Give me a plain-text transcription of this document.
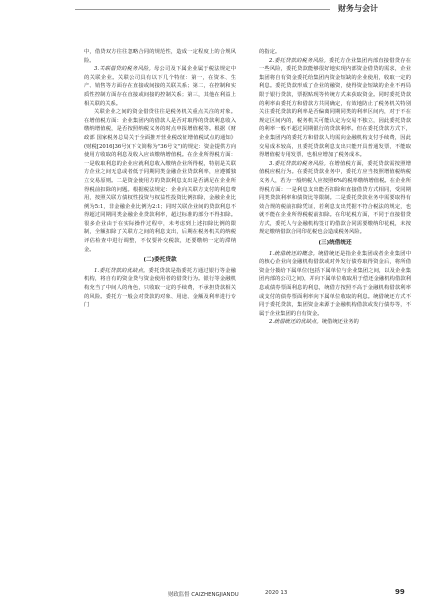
财务与会计

中，借贷双方往往忽略合同的规范性，造成一定程度上的合规风险。

3.关联借贷的税务风险。母公司及下属企业属于税法规定中的关联企业。关联公司具有以下几个特征：第一，在资本、生产、销售等方面存在直接或间接的关联关系；第二，在控制和实质性控制方面存在直接或间接的控制关系；第三，其他在利益上相关联的关系。

关联企业之间的资金借贷往往是税务机关重点关注的对象。在增值税方面：企业集团内的借款人是否对取得的贷款利息收入缴纳增值税，是否按照纳税义务的时点申报增值税等。根据《财政部 国家税务总局关于全面推开营业税改征增值税试点的通知》(财税[2016]36号)(下文简称为"36号文")的规定：资金提供方向使用方收取的利息及收入应该缴纳增值税。在企业所得税方面：一是收取利息的企业应就利息收入缴纳企业所得税，特别是关联方企业之间无息或者低于同期同类金融企业贷款利率，应遵循独立交易原则。二是资金使用方的贷款利息支出是否满足在企业所得税前扣除的问题。根据税法规定：企业向关联方支付的利息费用，按照关联方债权性投资与权益性投资比例扣除，金融企业比例为5:1，非金融企业比例为2:1；同时关联企业间的贷款利息不得超过同期同类金融企业贷款利率，超过标准的部分不得扣除。很多企业由于在实际操作过程中，未考虑到上述扣除比例的限制，全额扣除了关联方之间的利息支出，后期在税务机关的纳税评估检查中进行调整，不仅要补交税款，还要缴纳一定的滞纳金。

(二)委托贷款

1.委托贷款的优缺点。委托贷款是指委托方通过银行等金融机构，将自有的资金贷与资金使用者的借贷行为。银行等金融机构充当了中间人的角色，只收取一定的手续费，不承担贷款相关的风险。委托方一般会对贷款的对象、用途、金额及利率进行专门

的指定。

2.委托贷款的税务风险。委托方企业集团内部直接借贷存在一些风险，委托贷款能够很好地实现内部资金借贷的需求，企业集团将自有资金委托给集团内资金短缺的企业使用，收取一定的利息。委托贷款形成了企业的融资，使得资金短缺的企业不再局限于银行贷款，票据贴现等传统方式来获取资金。同时委托贷款的利率由委托方和借款方共同确定，有效地防止了税务机关特别关注委托贷款的利率是否偏离同期同类的利率区间内，对于不在规定区间内的，税务机关可能认定为交易不独立，因此委托贷款的利率一般不超过同期银行的贷款利率。但在委托贷款方式下，企业集团内的委托方和借款人均需向金融机构支付手续费，因此交易成本较高，且委托贷款利息支出只能开具普通发票，不能取得增值税专用发票，也相应增加了税务成本。

3.委托贷款的税务风险。在增值税方面，委托贷款需按照增值税应税行为。在委托贷款业务中，委托方应当按照增值税纳税义务人，若为一般纳税人应按照6%的税率缴纳增值税。在企业所得税方面：一是利息支出能否扣除和直接借贷方式相同，受同期同类贷款利率和债资比等限制。二是委托贷款业务中需要取得有效合规的税前扣除凭证，若利息支出凭据不符合税法的规定，也就不能在企业所得税税前扣除。在印花税方面，不同于直接借贷方式，委托人与金融机构签订的借款合同需要缴纳印花税，未按规定缴纳借款合同印花税也会造成税务风险。

(三)统借统还

1.统借统还的概念。统借统还是指企业集团或者企业集团中的核心企业向金融机构借款或对外发行债券取得资金后，将所借资金分拨给下属单位(包括下属单位与企业集团之间，以及企业集团内部的公司之间)，并向下属单位收取用于偿还金融机构借款利息或债券票面利息的利息，统借方按照不高于金融机构借款利率或支付的债券票面利率向下属单位收取的利息。统借统还方式不同于委托贷款，集团资金来源于金融机构借款或发行债券等，不属于企业集团的自有资金。

2.统借统还的优缺点。统借统还业务的

财政监督 CAIZHENGJIANDU	2020 13	99
